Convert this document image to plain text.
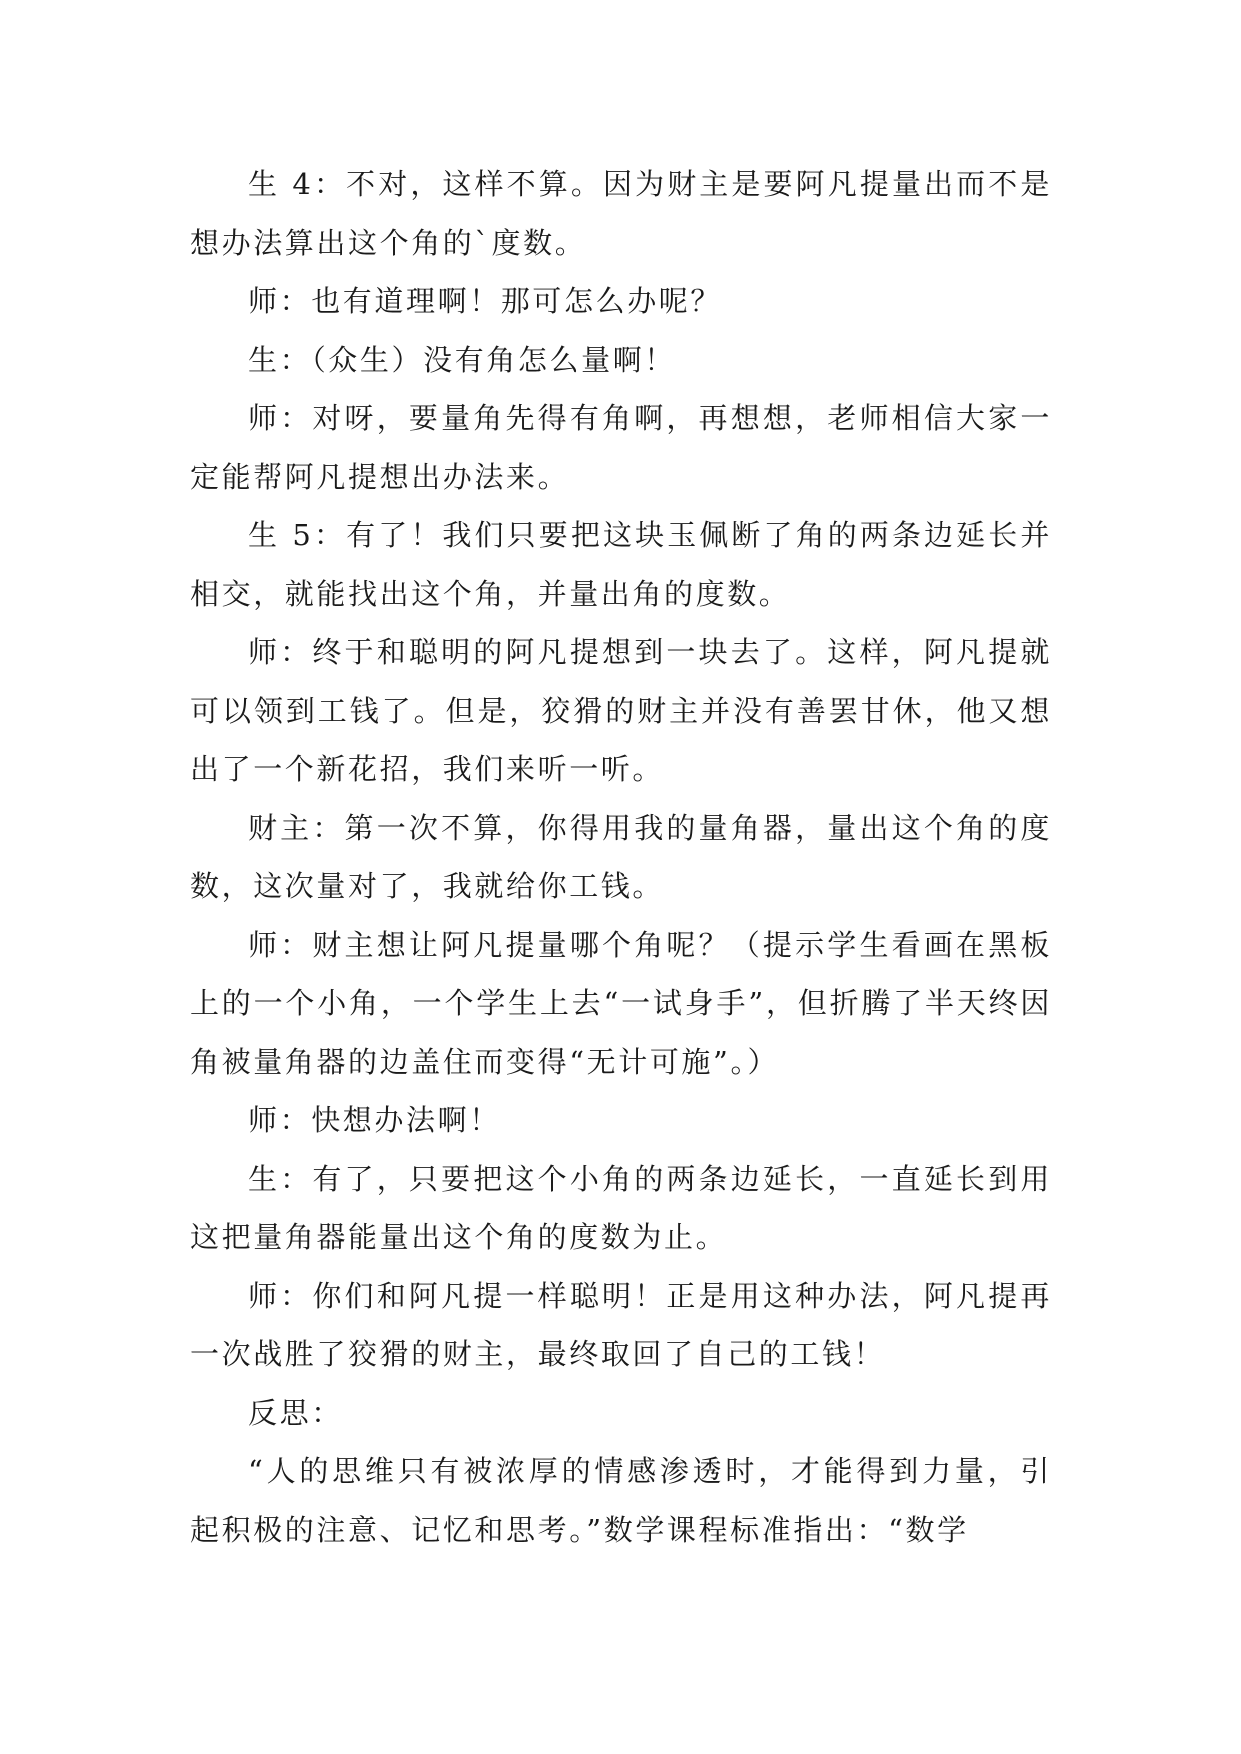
生 4：不对，这样不算。因为财主是要阿凡提量出而不是想办法算出这个角的`度数。

师：也有道理啊！那可怎么办呢？

生：（众生）没有角怎么量啊！

师：对呀，要量角先得有角啊，再想想，老师相信大家一定能帮阿凡提想出办法来。

生 5：有了！我们只要把这块玉佩断了角的两条边延长并相交，就能找出这个角，并量出角的度数。

师：终于和聪明的阿凡提想到一块去了。这样，阿凡提就可以领到工钱了。但是，狡猾的财主并没有善罢甘休，他又想出了一个新花招，我们来听一听。

财主：第一次不算，你得用我的量角器，量出这个角的度数，这次量对了，我就给你工钱。

师：财主想让阿凡提量哪个角呢？（提示学生看画在黑板上的一个小角，一个学生上去“一试身手”，但折腾了半天终因角被量角器的边盖住而变得“无计可施”。）

师：快想办法啊！

生：有了，只要把这个小角的两条边延长，一直延长到用这把量角器能量出这个角的度数为止。

师：你们和阿凡提一样聪明！正是用这种办法，阿凡提再一次战胜了狡猾的财主，最终取回了自己的工钱！

反思：

“人的思维只有被浓厚的情感渗透时，才能得到力量，引起积极的注意、记忆和思考。”数学课程标准指出：“数学
